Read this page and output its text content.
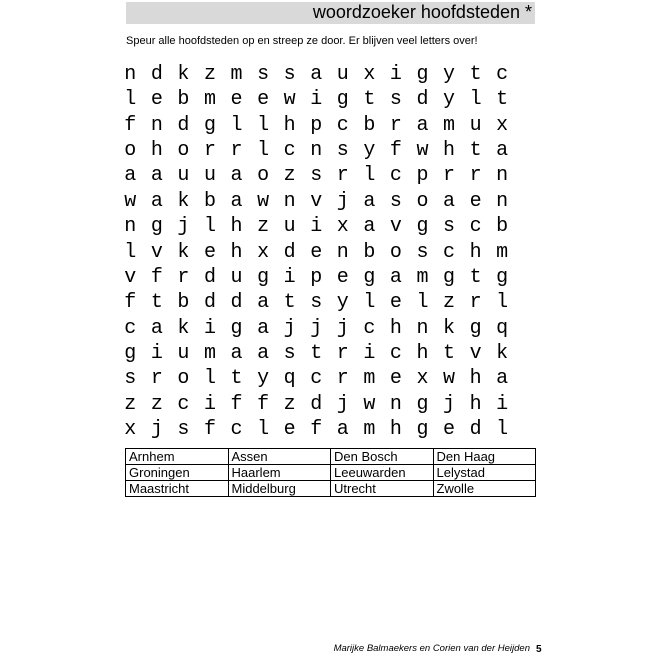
woordzoeker hoofdsteden *
Speur alle hoofdsteden op en streep ze door. Er blijven veel letters over!
n d k z m s s a u x i g y t c
l e b m e e w i g t s d y l t
f n d g l l h p c b r a m u x
o h o r r l c n s y f w h t a
a a u u a o z s r l c p r r n
w a k b a w n v j a s o a e n
n g j l h z u i x a v g s c b
l v k e h x d e n b o s c h m
v f r d u g i p e g a m g t g
f t b d d a t s y l e l z r l
c a k i g a j j j c h n k g q
g i u m a a s t r i c h t v k
s r o l t y q c r m e x w h a
z z c i f f z d j w n g j h i
x j s f c l e f a m h g e d l
Arnhem	Assen	Den Bosch	Den Haag
Groningen	Haarlem	Leeuwarden	Lelystad
Maastricht	Middelburg	Utrecht	Zwolle
Marijke Balmaekers en Corien van der Heijden 5
